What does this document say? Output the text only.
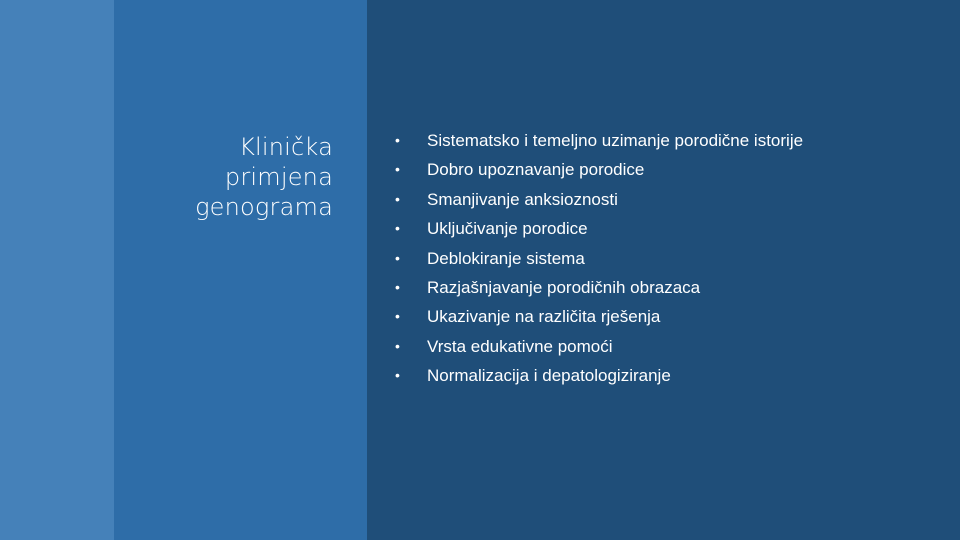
Klinička
primjena
genograma
•	Sistematsko i temeljno uzimanje porodične istorije
•	Dobro upoznavanje porodice
•	Smanjivanje anksioznosti
•	Uključivanje porodice
•	Deblokiranje sistema
•	Razjašnjavanje porodičnih obrazaca
•	Ukazivanje na različita rješenja
•	Vrsta edukativne pomoći
•	Normalizacija i depatologiziranje
